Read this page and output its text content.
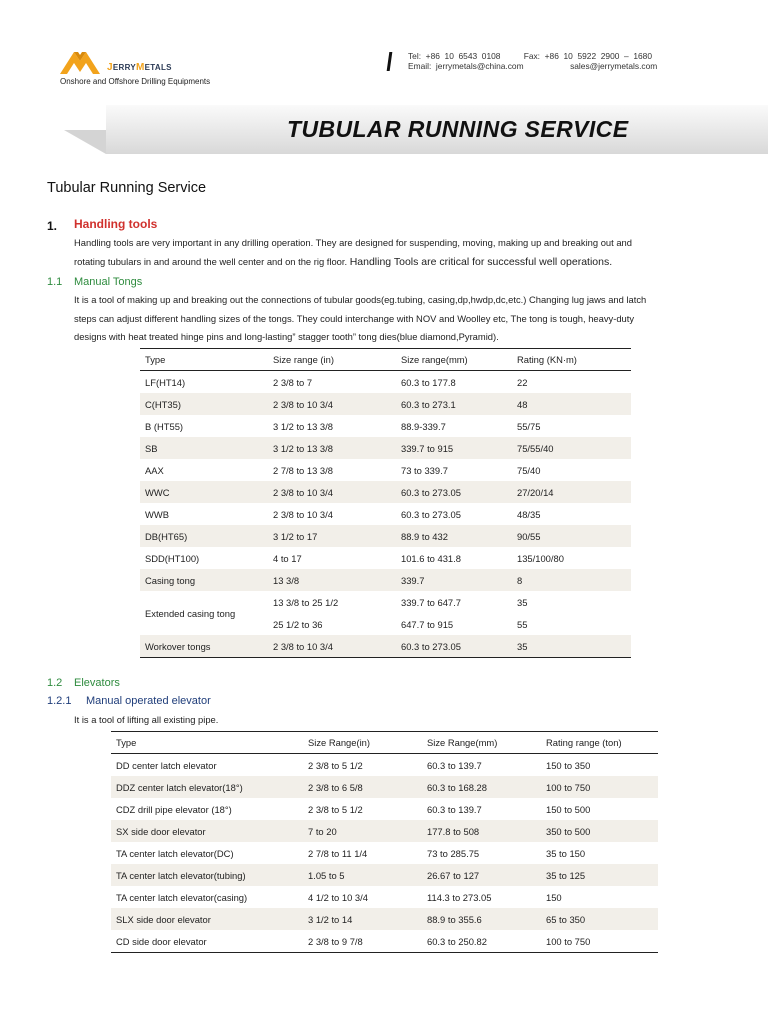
JERRYMETALS
Onshore and Offshore Drilling Equipments
Tel:  +86  10  6543  0108          Fax:  +86  10  5922  2900  –  1680
Email:  jerrymetals@china.com                    sales@jerrymetals.com
TUBULAR RUNNING SERVICE
Tubular Running Service
1. Handling tools
Handling tools are very important in any drilling operation. They are designed for suspending, moving, making up and breaking out and
rotating tubulars in and around the well center and on the rig floor. Handling Tools are critical for successful well operations.
1.1 Manual Tongs
It is a tool of making up and breaking out the connections of tubular goods(eg.tubing, casing,dp,hwdp,dc,etc.) Changing lug jaws and latch
steps can adjust different handling sizes of the tongs. They could interchange with NOV and Woolley etc, The tong is tough, heavy-duty
designs with heat treated hinge pins and long-lasting” stagger tooth” tong dies(blue diamond,Pyramid).
Type	Size range (in)	Size range(mm)	Rating (KN·m)
LF(HT14)	2 3/8 to 7	60.3 to 177.8	22
C(HT35)	2 3/8 to 10 3/4	60.3 to 273.1	48
B (HT55)	3 1/2 to 13 3/8	88.9-339.7	55/75
SB	3 1/2 to 13 3/8	339.7 to 915	75/55/40
AAX	2 7/8 to 13 3/8	73 to 339.7	75/40
WWC	2 3/8 to 10 3/4	60.3 to 273.05	27/20/14
WWB	2 3/8 to 10 3/4	60.3 to 273.05	48/35
DB(HT65)	3 1/2 to 17	88.9 to 432	90/55
SDD(HT100)	4 to 17	101.6 to 431.8	135/100/80
Casing tong	13 3/8	339.7	8
Extended casing tong	13 3/8 to 25 1/2	339.7 to 647.7	35
	25 1/2 to 36	647.7 to 915	55
Workover tongs	2 3/8 to 10 3/4	60.3 to 273.05	35
1.2 Elevators
1.2.1 Manual operated elevator
It is a tool of lifting all existing pipe.
Type	Size Range(in)	Size Range(mm)	Rating range (ton)
DD center latch elevator	2 3/8 to 5 1/2	60.3 to 139.7	150 to 350
DDZ center latch elevator(18°)	2 3/8 to 6 5/8	60.3 to 168.28	100 to 750
CDZ drill pipe elevator (18°)	2 3/8 to 5 1/2	60.3 to 139.7	150 to 500
SX side door elevator	7 to 20	177.8 to 508	350 to 500
TA center latch elevator(DC)	2 7/8 to 11 1/4	73 to 285.75	35 to 150
TA center latch elevator(tubing)	1.05 to 5	26.67 to 127	35 to 125
TA center latch elevator(casing)	4 1/2 to 10 3/4	114.3 to 273.05	150
SLX side door elevator	3 1/2 to 14	88.9 to 355.6	65 to 350
CD side door elevator	2 3/8 to 9 7/8	60.3 to 250.82	100 to 750
